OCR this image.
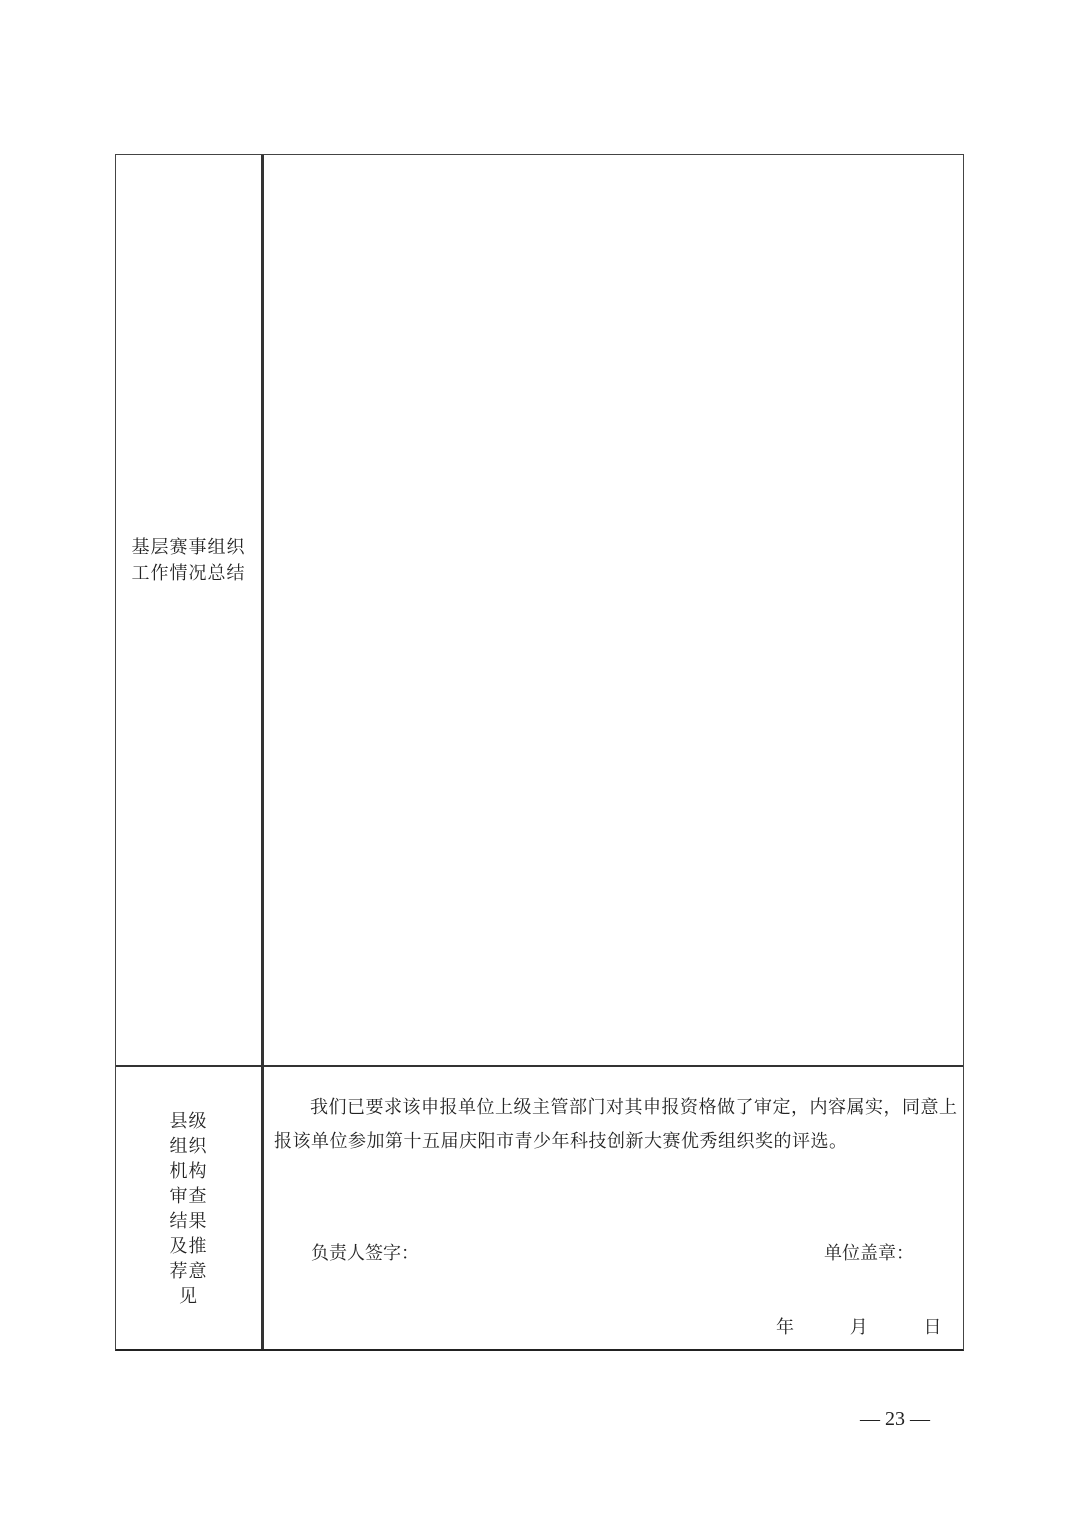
基层赛事组织
工作情况总结
县级
组织
机构
审查
结果
及推
荐意
见
我们已要求该申报单位上级主管部门对其申报资格做了审定，内容属实，同意上报该单位参加第十五届庆阳市青少年科技创新大赛优秀组织奖的评选。
负责人签字：	单位盖章：
年	月	日
— 23 —
